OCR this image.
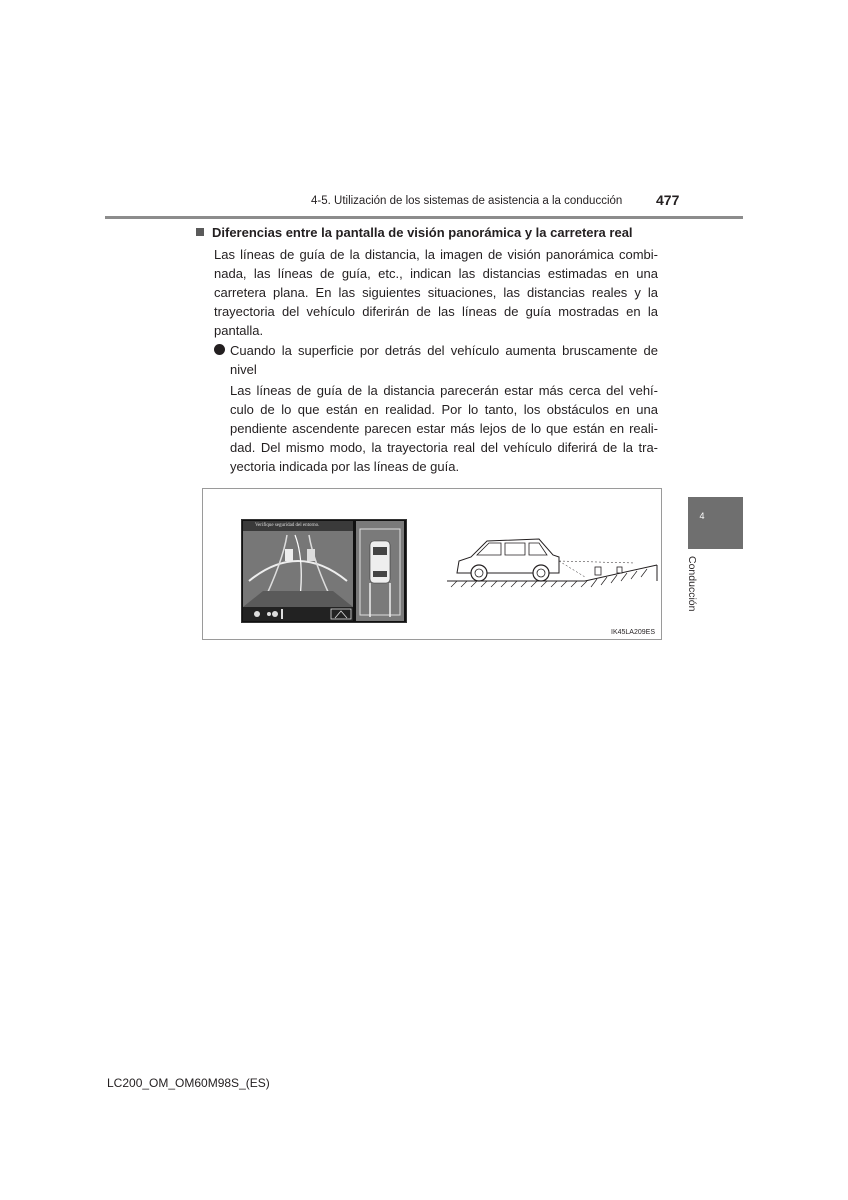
4-5. Utilización de los sistemas de asistencia a la conducción 477
Diferencias entre la pantalla de visión panorámica y la carretera real
Las líneas de guía de la distancia, la imagen de visión panorámica combi-nada, las líneas de guía, etc., indican las distancias estimadas en una carretera plana. En las siguientes situaciones, las distancias reales y la trayectoria del vehículo diferirán de las líneas de guía mostradas en la pantalla.
Cuando la superficie por detrás del vehículo aumenta bruscamente de nivel
Las líneas de guía de la distancia parecerán estar más cerca del vehí-culo de lo que están en realidad. Por lo tanto, los obstáculos en una pendiente ascendente parecen estar más lejos de lo que están en reali-dad. Del mismo modo, la trayectoria real del vehículo diferirá de la tra-yectoria indicada por las líneas de guía.
Verifique seguridad del entorno.
IK45LA209ES
4
Conducción
LC200_OM_OM60M98S_(ES)
